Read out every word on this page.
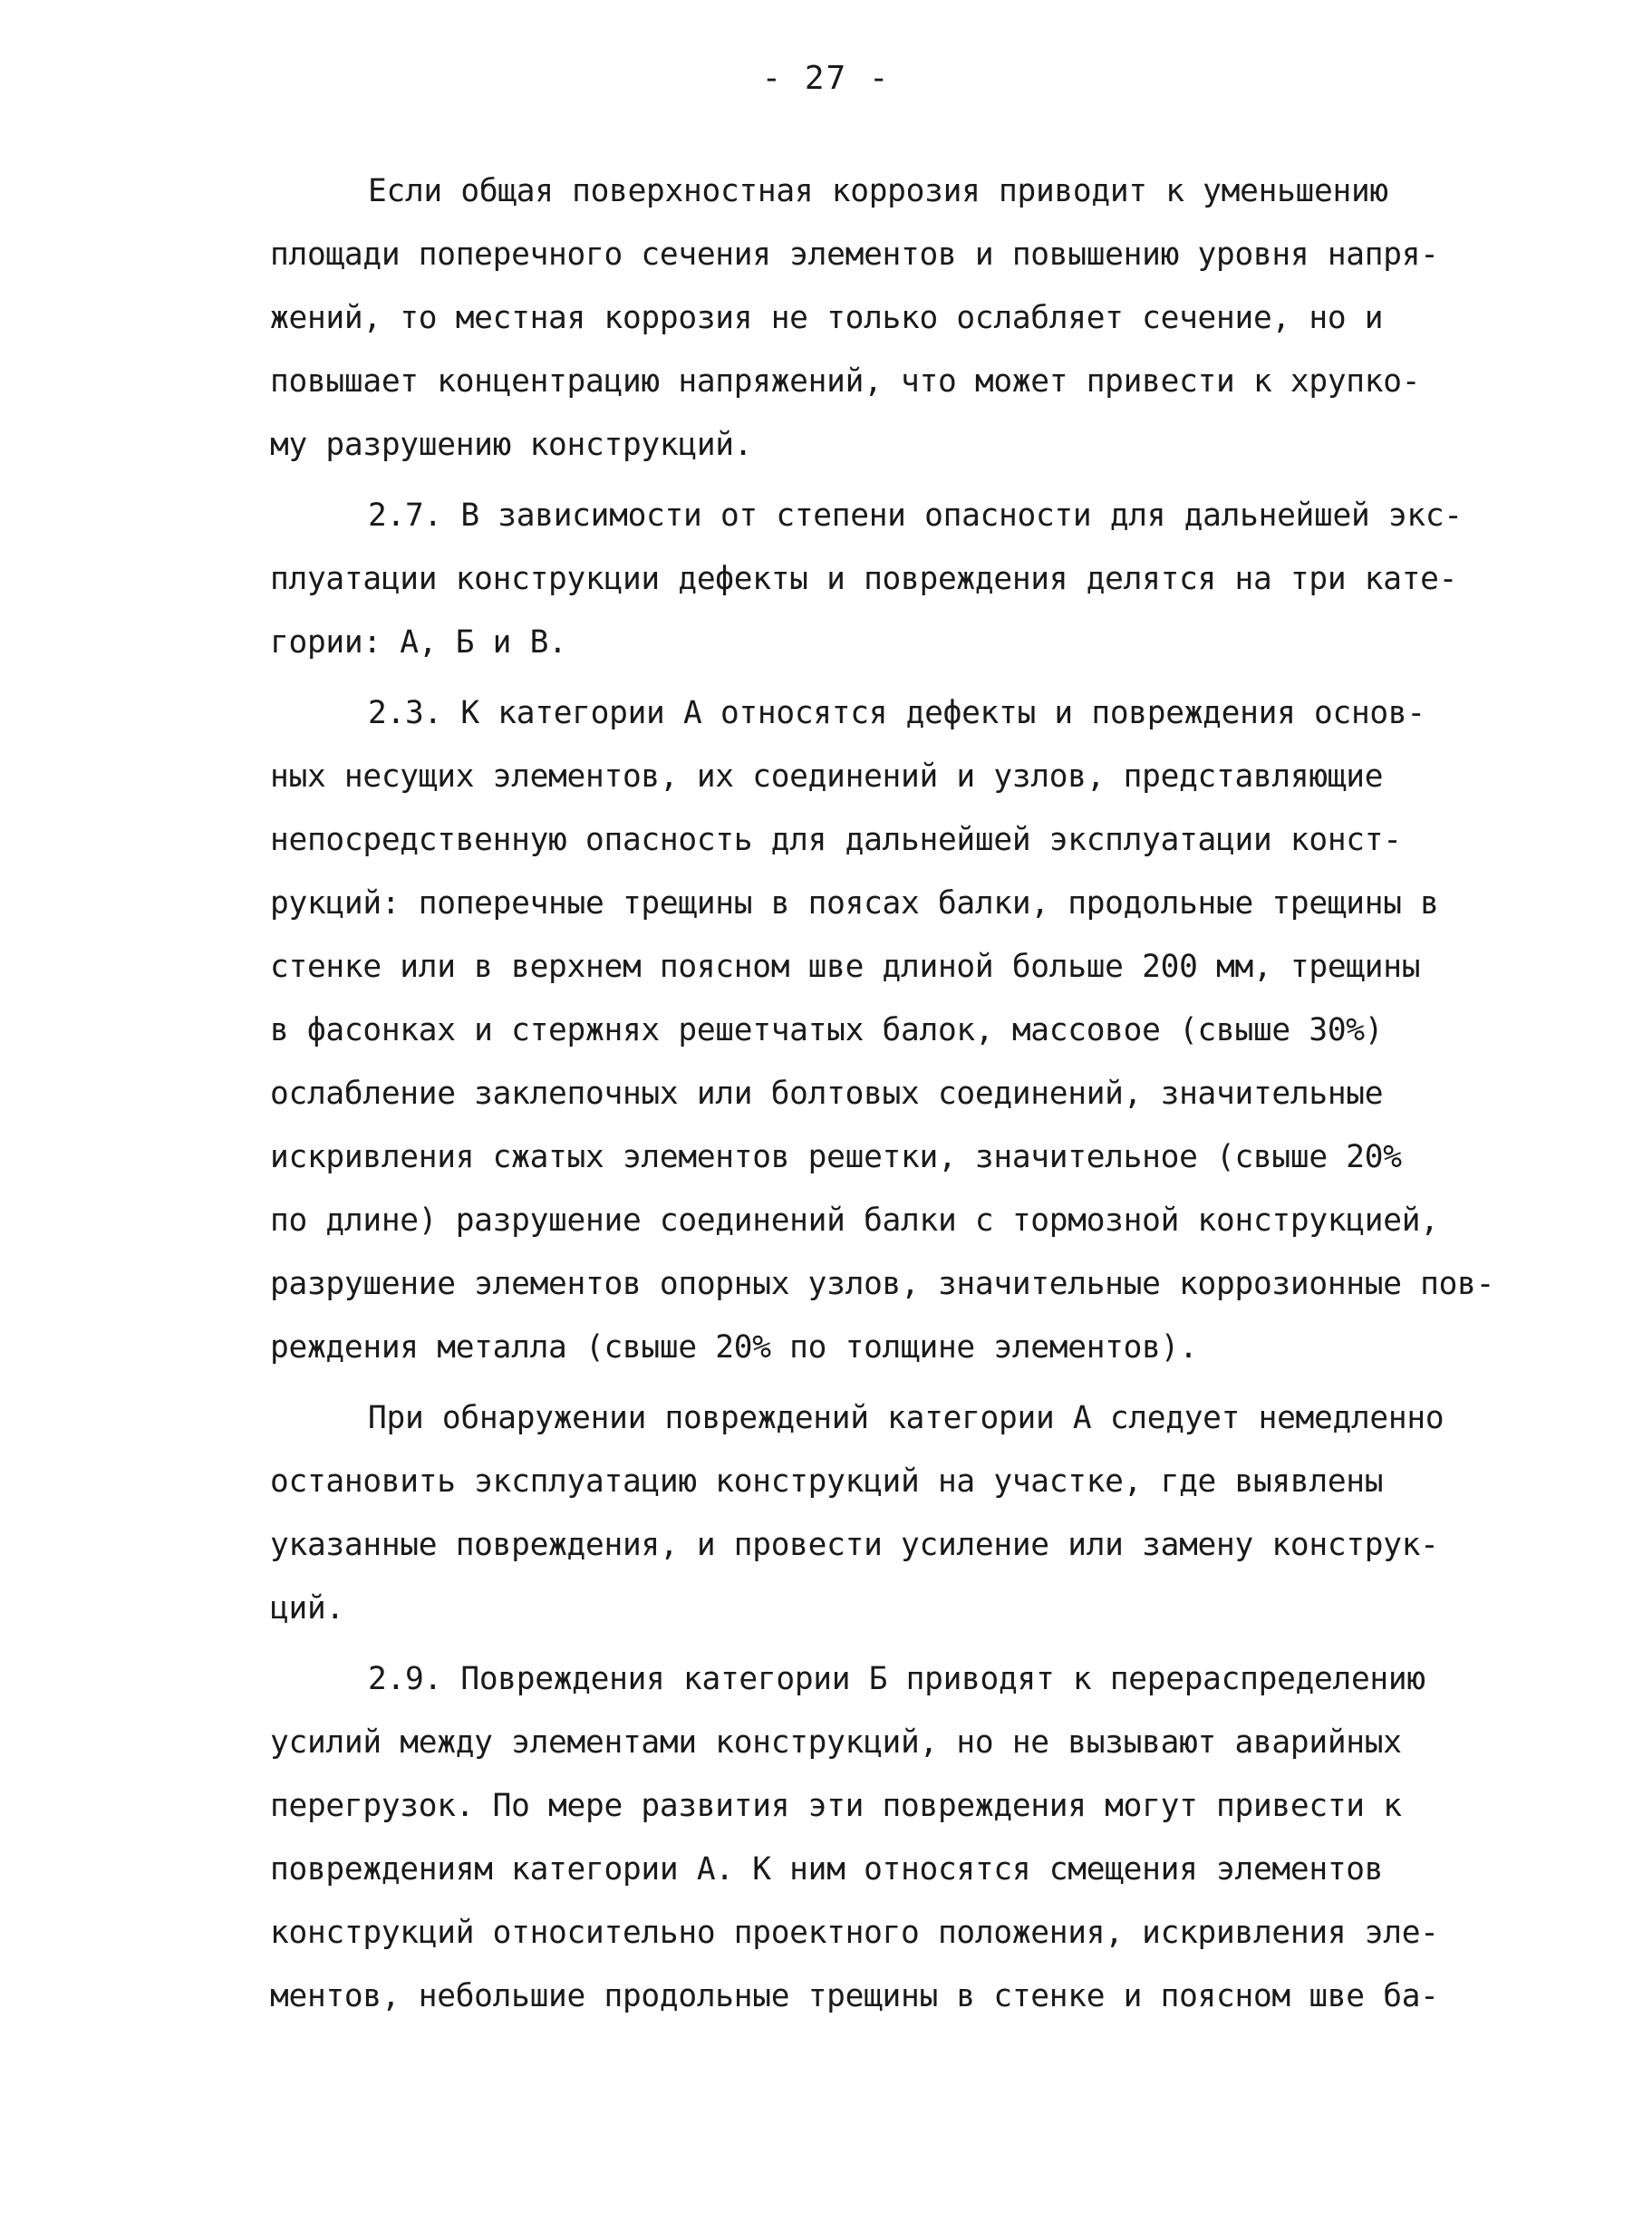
- 27 -
Если общая поверхностная коррозия приводит к уменьшению
площади поперечного сечения элементов и повышению уровня напря-
жений, то местная коррозия не только ослабляет сечение, но и
повышает концентрацию напряжений, что может привести к хрупко-
му разрушению конструкций.
2.7. В зависимости от степени опасности для дальнейшей экс-
плуатации конструкции дефекты и повреждения делятся на три кате-
гории: А, Б и В.
2.3. К категории А относятся дефекты и повреждения основ-
ных несущих элементов, их соединений и узлов, представляющие
непосредственную опасность для дальнейшей эксплуатации конст-
рукций: поперечные трещины в поясах балки, продольные трещины в
стенке или в верхнем поясном шве длиной больше 200 мм, трещины
в фасонках и стержнях решетчатых балок, массовое (свыше 30%)
ослабление заклепочных или болтовых соединений, значительные
искривления сжатых элементов решетки, значительное (свыше 20%
по длине) разрушение соединений балки с тормозной конструкцией,
разрушение элементов опорных узлов, значительные коррозионные пов-
реждения металла (свыше 20% по толщине элементов).
При обнаружении повреждений категории А следует немедленно
остановить эксплуатацию конструкций на участке, где выявлены
указанные повреждения, и провести усиление или замену конструк-
ций.
2.9. Повреждения категории Б приводят к перераспределению
усилий между элементами конструкций, но не вызывают аварийных
перегрузок. По мере развития эти повреждения могут привести к
повреждениям категории А. К ним относятся смещения элементов
конструкций относительно проектного положения, искривления эле-
ментов, небольшие продольные трещины в стенке и поясном шве ба-
